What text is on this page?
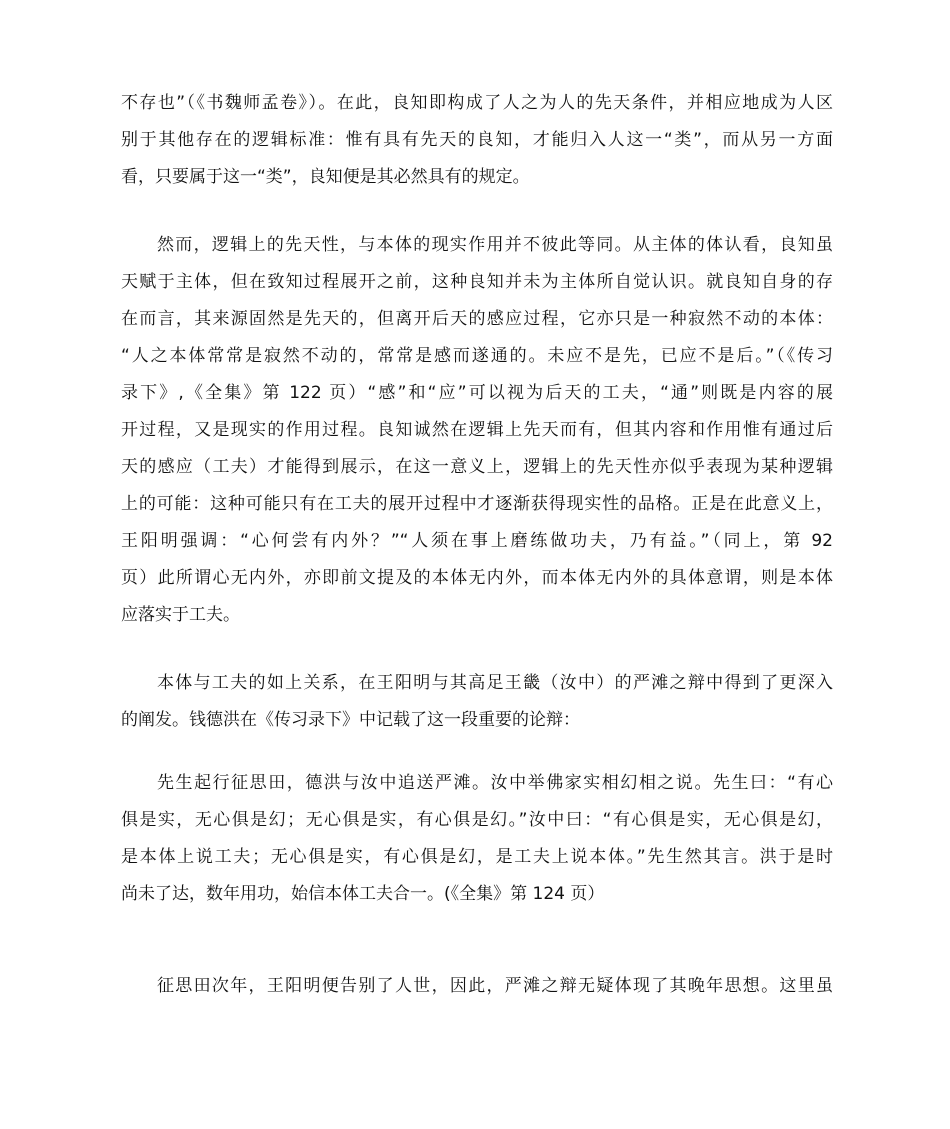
不存也”（《书魏师孟卷》）。在此，良知即构成了人之为人的先天条件，并相应地成为人区
别于其他存在的逻辑标准：惟有具有先天的良知，才能归入人这一“类”，而从另一方面
看，只要属于这一“类”，良知便是其必然具有的规定。
然而，逻辑上的先天性，与本体的现实作用并不彼此等同。从主体的体认看，良知虽
天赋于主体，但在致知过程展开之前，这种良知并未为主体所自觉认识。就良知自身的存
在而言，其来源固然是先天的，但离开后天的感应过程，它亦只是一种寂然不动的本体：
“人之本体常常是寂然不动的，常常是感而遂通的。未应不是先，已应不是后。”（《传习
录下》,《全集》第 122 页）“感”和“应”可以视为后天的工夫，“通”则既是内容的展
开过程，又是现实的作用过程。良知诚然在逻辑上先天而有，但其内容和作用惟有通过后
天的感应（工夫）才能得到展示，在这一意义上，逻辑上的先天性亦似乎表现为某种逻辑
上的可能：这种可能只有在工夫的展开过程中才逐渐获得现实性的品格。正是在此意义上，
王阳明强调：“心何尝有内外？”“人须在事上磨练做功夫，乃有益。”（同上，第 92
页）此所谓心无内外，亦即前文提及的本体无内外，而本体无内外的具体意谓，则是本体
应落实于工夫。
本体与工夫的如上关系，在王阳明与其高足王畿（汝中）的严滩之辩中得到了更深入
的阐发。钱德洪在《传习录下》中记载了这一段重要的论辩：
先生起行征思田，德洪与汝中追送严滩。汝中举佛家实相幻相之说。先生曰：“有心
俱是实，无心俱是幻；无心俱是实，有心俱是幻。”汝中曰：“有心俱是实，无心俱是幻，
是本体上说工夫；无心俱是实，有心俱是幻，是工夫上说本体。”先生然其言。洪于是时
尚未了达，数年用功，始信本体工夫合一。(《全集》第 124 页）
征思田次年，王阳明便告别了人世，因此，严滩之辩无疑体现了其晚年思想。这里虽
